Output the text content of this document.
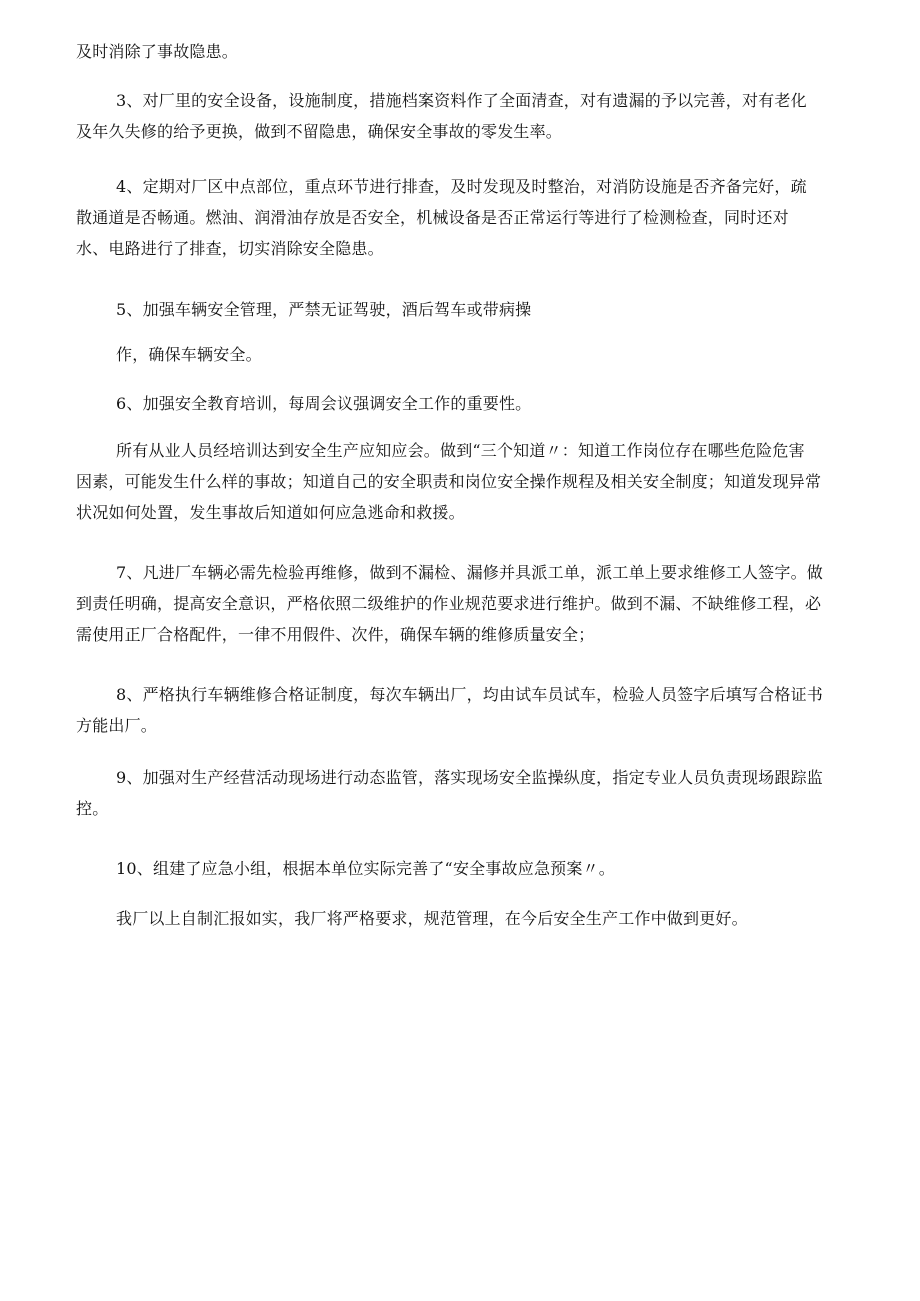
及时消除了事故隐患。

3、对厂里的安全设备，设施制度，措施档案资料作了全面清查，对有遗漏的予以完善，对有老化
及年久失修的给予更换，做到不留隐患，确保安全事故的零发生率。

4、定期对厂区中点部位，重点环节进行排查，及时发现及时整治，对消防设施是否齐备完好，疏
散通道是否畅通。燃油、润滑油存放是否安全，机械设备是否正常运行等进行了检测检查，同时还对
水、电路进行了排查，切实消除安全隐患。

5、加强车辆安全管理，严禁无证驾驶，酒后驾车或带病操

作，确保车辆安全。

6、加强安全教育培训，每周会议强调安全工作的重要性。

所有从业人员经培训达到安全生产应知应会。做到“三个知道〃：知道工作岗位存在哪些危险危害
因素，可能发生什么样的事故；知道自己的安全职责和岗位安全操作规程及相关安全制度；知道发现异常
状况如何处置，发生事故后知道如何应急逃命和救援。

7、凡进厂车辆必需先检验再维修，做到不漏检、漏修并具派工单，派工单上要求维修工人签字。做
到责任明确，提高安全意识，严格依照二级维护的作业规范要求进行维护。做到不漏、不缺维修工程，必
需使用正厂合格配件，一律不用假件、次件，确保车辆的维修质量安全；

8、严格执行车辆维修合格证制度，每次车辆出厂，均由试车员试车，检验人员签字后填写合格证书
方能出厂。

9、加强对生产经营活动现场进行动态监管，落实现场安全监操纵度，指定专业人员负责现场跟踪监
控。

10、组建了应急小组，根据本单位实际完善了“安全事故应急预案〃。

我厂以上自制汇报如实，我厂将严格要求，规范管理，在今后安全生产工作中做到更好。
